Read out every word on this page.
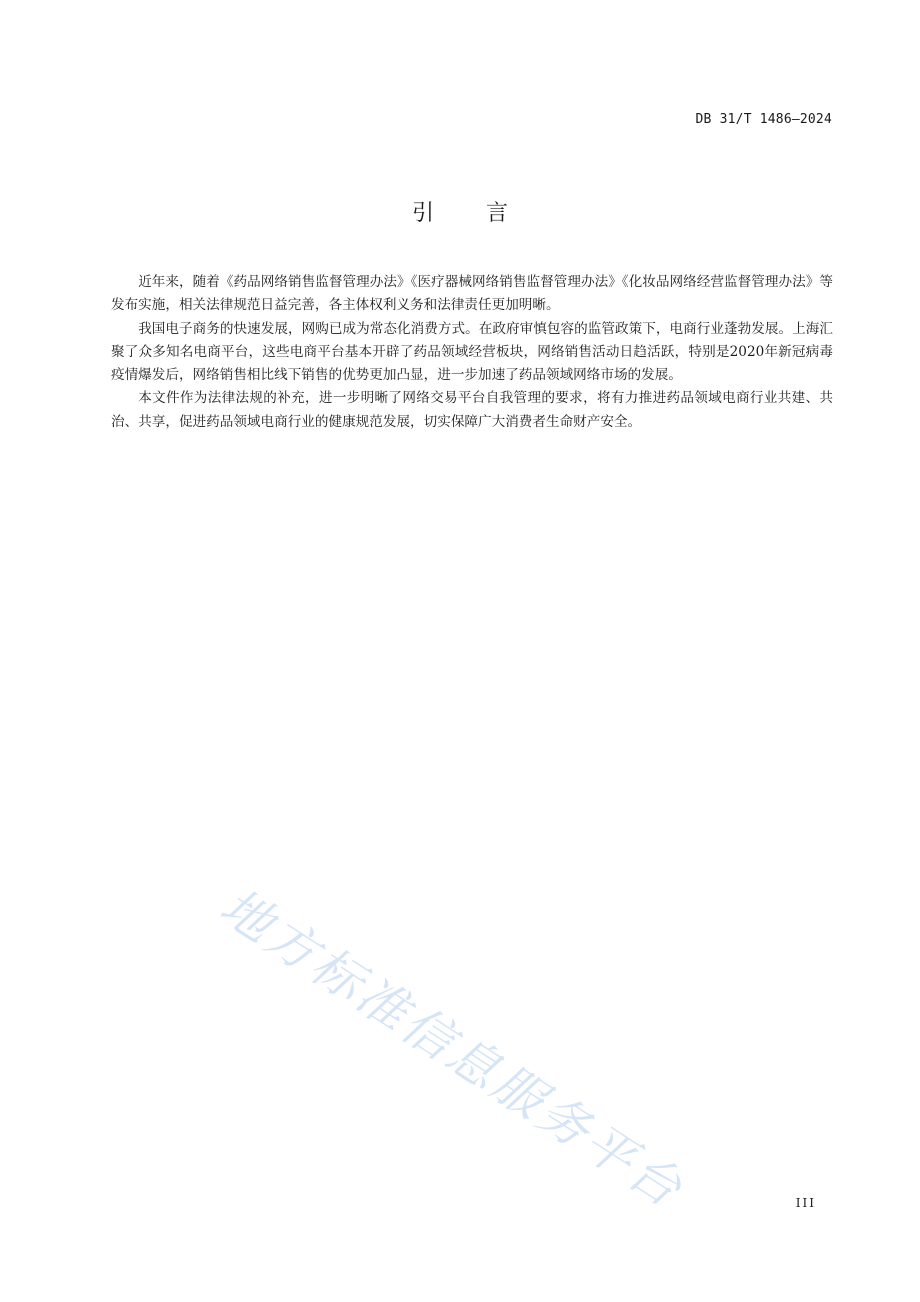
DB 31/T 1486—2024
引言

近年来，随着《药品网络销售监督管理办法》《医疗器械网络销售监督管理办法》《化妆品网络经营监督管理办法》等发布实施，相关法律规范日益完善，各主体权利义务和法律责任更加明晰。

我国电子商务的快速发展，网购已成为常态化消费方式。在政府审慎包容的监管政策下，电商行业蓬勃发展。上海汇聚了众多知名电商平台，这些电商平台基本开辟了药品领域经营板块，网络销售活动日趋活跃，特别是2020年新冠病毒疫情爆发后，网络销售相比线下销售的优势更加凸显，进一步加速了药品领域网络市场的发展。

本文件作为法律法规的补充，进一步明晰了网络交易平台自我管理的要求，将有力推进药品领域电商行业共建、共治、共享，促进药品领域电商行业的健康规范发展，切实保障广大消费者生命财产安全。

地方标准信息服务平台	III
